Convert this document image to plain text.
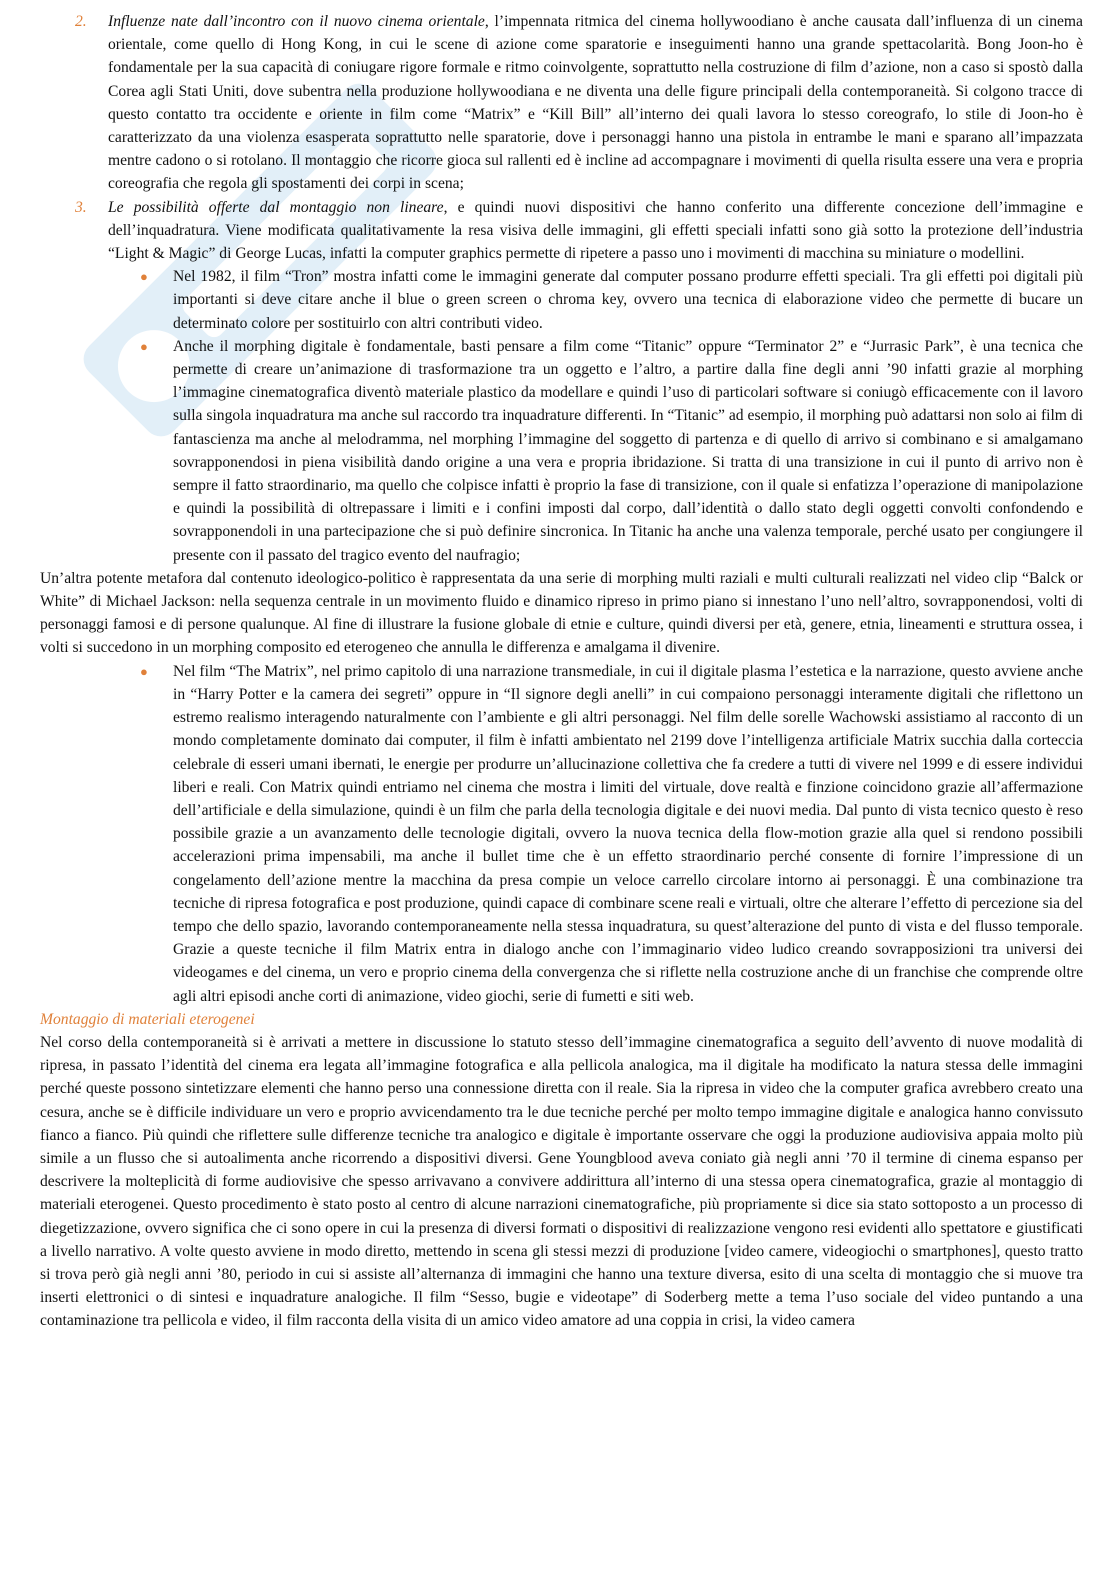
2. Influenze nate dall’incontro con il nuovo cinema orientale, l’impennata ritmica del cinema hollywoodiano è anche causata dall’influenza di un cinema orientale, come quello di Hong Kong, in cui le scene di azione come sparatorie e inseguimenti hanno una grande spettacolarità. Bong Joon-ho è fondamentale per la sua capacità di coniugare rigore formale e ritmo coinvolgente, soprattutto nella costruzione di film d’azione, non a caso si spostò dalla Corea agli Stati Uniti, dove subentra nella produzione hollywoodiana e ne diventa una delle figure principali della contemporaneità. Si colgono tracce di questo contatto tra occidente e oriente in film come “Matrix” e “Kill Bill” all’interno dei quali lavora lo stesso coreografo, lo stile di Joon-ho è caratterizzato da una violenza esasperata soprattutto nelle sparatorie, dove i personaggi hanno una pistola in entrambe le mani e sparano all’impazzata mentre cadono o si rotolano. Il montaggio che ricorre gioca sul rallenti ed è incline ad accompagnare i movimenti di quella risulta essere una vera e propria coreografia che regola gli spostamenti dei corpi in scena;
3. Le possibilità offerte dal montaggio non lineare, e quindi nuovi dispositivi che hanno conferito una differente concezione dell’immagine e dell’inquadratura. Viene modificata qualitativamente la resa visiva delle immagini, gli effetti speciali infatti sono già sotto la protezione dell’industria “Light & Magic” di George Lucas, infatti la computer graphics permette di ripetere a passo uno i movimenti di macchina su miniature o modellini.
● Nel 1982, il film “Tron” mostra infatti come le immagini generate dal computer possano produrre effetti speciali. Tra gli effetti poi digitali più importanti si deve citare anche il blue o green screen o chroma key, ovvero una tecnica di elaborazione video che permette di bucare un determinato colore per sostituirlo con altri contributi video.
● Anche il morphing digitale è fondamentale, basti pensare a film come “Titanic” oppure “Terminator 2” e “Jurrasic Park”, è una tecnica che permette di creare un’animazione di trasformazione tra un oggetto e l’altro, a partire dalla fine degli anni ’90 infatti grazie al morphing l’immagine cinematografica diventò materiale plastico da modellare e quindi l’uso di particolari software si coniugò efficacemente con il lavoro sulla singola inquadratura ma anche sul raccordo tra inquadrature differenti. In “Titanic” ad esempio, il morphing può adattarsi non solo ai film di fantascienza ma anche al melodramma, nel morphing l’immagine del soggetto di partenza e di quello di arrivo si combinano e si amalgamano sovrapponendosi in piena visibilità dando origine a una vera e propria ibridazione. Si tratta di una transizione in cui il punto di arrivo non è sempre il fatto straordinario, ma quello che colpisce infatti è proprio la fase di transizione, con il quale si enfatizza l’operazione di manipolazione e quindi la possibilità di oltrepassare i limiti e i confini imposti dal corpo, dall’identità o dallo stato degli oggetti convolti confondendo e sovrapponendoli in una partecipazione che si può definire sincronica. In Titanic ha anche una valenza temporale, perché usato per congiungere il presente con il passato del tragico evento del naufragio;

Un’altra potente metafora dal contenuto ideologico-politico è rappresentata da una serie di morphing multi raziali e multi culturali realizzati nel video clip “Balck or White” di Michael Jackson: nella sequenza centrale in un movimento fluido e dinamico ripreso in primo piano si innestano l’uno nell’altro, sovrapponendosi, volti di personaggi famosi e di persone qualunque. Al fine di illustrare la fusione globale di etnie e culture, quindi diversi per età, genere, etnia, lineamenti e struttura ossea, i volti si succedono in un morphing composito ed eterogeneo che annulla le differenza e amalgama il divenire.

● Nel film “The Matrix”, nel primo capitolo di una narrazione transmediale, in cui il digitale plasma l’estetica e la narrazione, questo avviene anche in “Harry Potter e la camera dei segreti” oppure in “Il signore degli anelli” in cui compaiono personaggi interamente digitali che riflettono un estremo realismo interagendo naturalmente con l’ambiente e gli altri personaggi. Nel film delle sorelle Wachowski assistiamo al racconto di un mondo completamente dominato dai computer, il film è infatti ambientato nel 2199 dove l’intelligenza artificiale Matrix succhia dalla corteccia celebrale di esseri umani ibernati, le energie per produrre un’allucinazione collettiva che fa credere a tutti di vivere nel 1999 e di essere individui liberi e reali. Con Matrix quindi entriamo nel cinema che mostra i limiti del virtuale, dove realtà e finzione coincidono grazie all’affermazione dell’artificiale e della simulazione, quindi è un film che parla della tecnologia digitale e dei nuovi media. Dal punto di vista tecnico questo è reso possibile grazie a un avanzamento delle tecnologie digitali, ovvero la nuova tecnica della flow-motion grazie alla quel si rendono possibili accelerazioni prima impensabili, ma anche il bullet time che è un effetto straordinario perché consente di fornire l’impressione di un congelamento dell’azione mentre la macchina da presa compie un veloce carrello circolare intorno ai personaggi. È una combinazione tra tecniche di ripresa fotografica e post produzione, quindi capace di combinare scene reali e virtuali, oltre che alterare l’effetto di percezione sia del tempo che dello spazio, lavorando contemporaneamente nella stessa inquadratura, su quest’alterazione del punto di vista e del flusso temporale. Grazie a queste tecniche il film Matrix entra in dialogo anche con l’immaginario video ludico creando sovrapposizioni tra universi dei videogames e del cinema, un vero e proprio cinema della convergenza che si riflette nella costruzione anche di un franchise che comprende oltre agli altri episodi anche corti di animazione, video giochi, serie di fumetti e siti web.

Montaggio di materiali eterogenei

Nel corso della contemporaneità si è arrivati a mettere in discussione lo statuto stesso dell’immagine cinematografica a seguito dell’avvento di nuove modalità di ripresa, in passato l’identità del cinema era legata all’immagine fotografica e alla pellicola analogica, ma il digitale ha modificato la natura stessa delle immagini perché queste possono sintetizzare elementi che hanno perso una connessione diretta con il reale. Sia la ripresa in video che la computer grafica avrebbero creato una cesura, anche se è difficile individuare un vero e proprio avvicendamento tra le due tecniche perché per molto tempo immagine digitale e analogica hanno convissuto fianco a fianco. Più quindi che riflettere sulle differenze tecniche tra analogico e digitale è importante osservare che oggi la produzione audiovisiva appaia molto più simile a un flusso che si autoalimenta anche ricorrendo a dispositivi diversi. Gene Youngblood aveva coniato già negli anni ’70 il termine di cinema espanso per descrivere la molteplicità di forme audiovisive che spesso arrivavano a convivere addirittura all’interno di una stessa opera cinematografica, grazie al montaggio di materiali eterogenei. Questo procedimento è stato posto al centro di alcune narrazioni cinematografiche, più propriamente si dice sia stato sottoposto a un processo di diegetizzazione, ovvero significa che ci sono opere in cui la presenza di diversi formati o dispositivi di realizzazione vengono resi evidenti allo spettatore e giustificati a livello narrativo. A volte questo avviene in modo diretto, mettendo in scena gli stessi mezzi di produzione [video camere, videogiochi o smartphones], questo tratto si trova però già negli anni ’80, periodo in cui si assiste all’alternanza di immagini che hanno una texture diversa, esito di una scelta di montaggio che si muove tra inserti elettronici o di sintesi e inquadrature analogiche. Il film “Sesso, bugie e videotape” di Soderberg mette a tema l’uso sociale del video puntando a una contaminazione tra pellicola e video, il film racconta della visita di un amico video amatore ad una coppia in crisi, la video camera
